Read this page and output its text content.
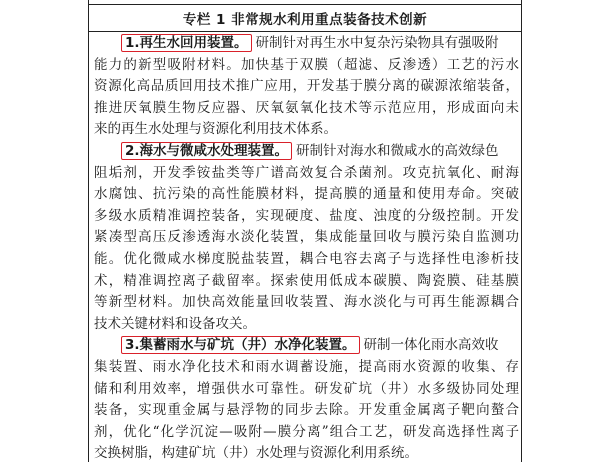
专栏 1 非常规水利用重点装备技术创新
1.再生水回用装置。 研制针对再生水中复杂污染物具有强吸附
能力的新型吸附材料。加快基于双膜（超滤、反渗透）工艺的污水
资源化高品质回用技术推广应用，开发基于膜分离的碳源浓缩装备，
推进厌氧膜生物反应器、厌氧氨氧化技术等示范应用，形成面向未
来的再生水处理与资源化利用技术体系。
2.海水与微咸水处理装置。 研制针对海水和微咸水的高效绿色
阻垢剂，开发季铵盐类等广谱高效复合杀菌剂。攻克抗氧化、耐海
水腐蚀、抗污染的高性能膜材料，提高膜的通量和使用寿命。突破
多级水质精准调控装备，实现硬度、盐度、浊度的分级控制。开发
紧凑型高压反渗透海水淡化装置，集成能量回收与膜污染自监测功
能。优化微咸水梯度脱盐装置，耦合电容去离子与选择性电渗析技
术，精准调控离子截留率。探索使用低成本碳膜、陶瓷膜、硅基膜
等新型材料。加快高效能量回收装置、海水淡化与可再生能源耦合
技术关键材料和设备攻关。
3.集蓄雨水与矿坑（井）水净化装置。 研制一体化雨水高效收
集装置、雨水净化技术和雨水调蓄设施，提高雨水资源的收集、存
储和利用效率，增强供水可靠性。研发矿坑（井）水多级协同处理
装备，实现重金属与悬浮物的同步去除。开发重金属离子靶向螯合
剂，优化“化学沉淀—吸附—膜分离”组合工艺，研发高选择性离子
交换树脂，构建矿坑（井）水处理与资源化利用系统。
